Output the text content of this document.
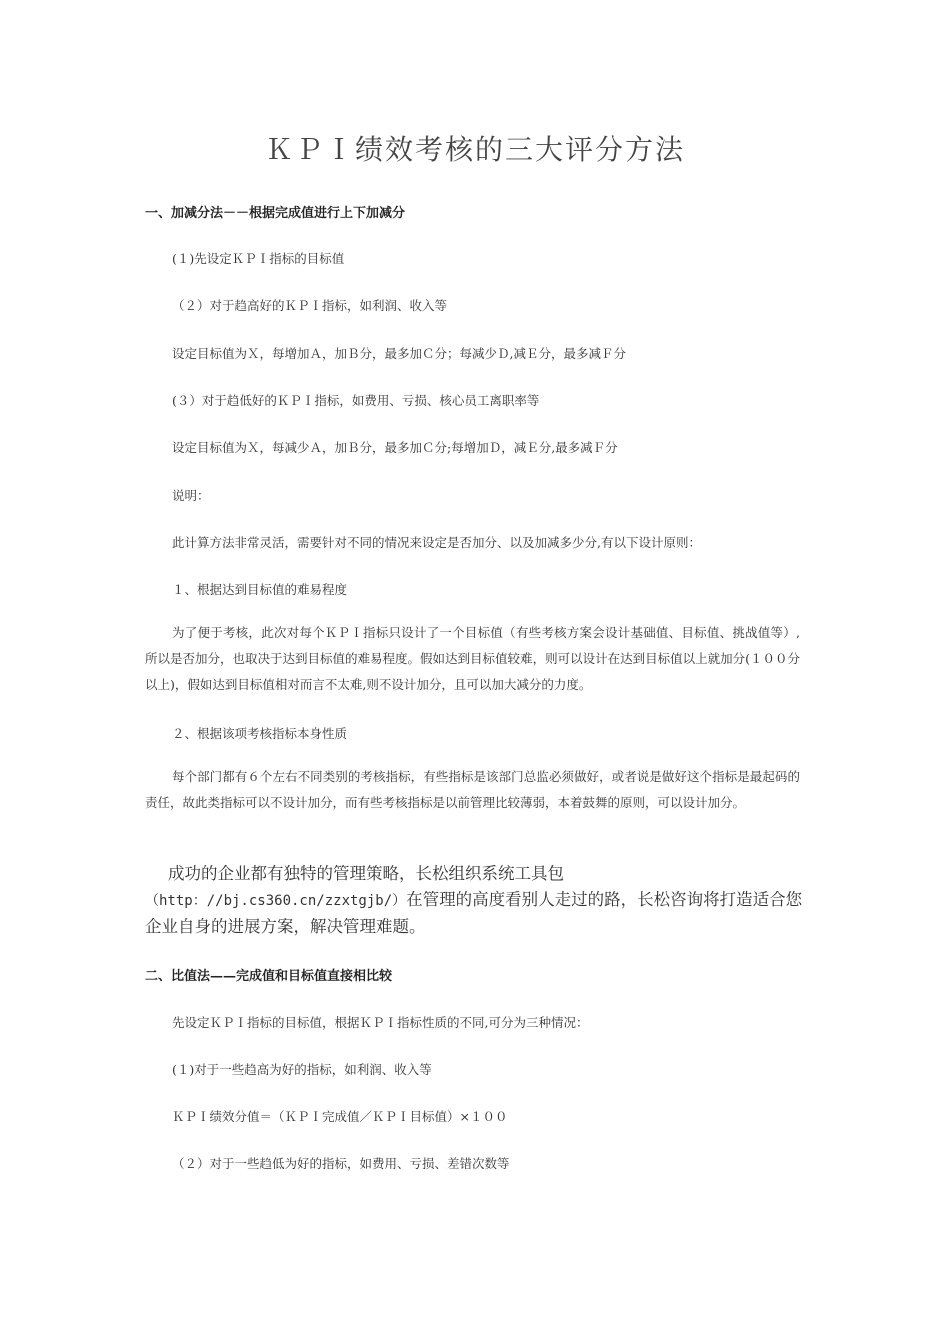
ＫＰＩ绩效考核的三大评分方法

一、加减分法－－根据完成值进行上下加减分

(１)先设定ＫＰＩ指标的目标值

（２）对于趋高好的ＫＰＩ指标，如利润、收入等

设定目标值为Ｘ，每增加Ａ，加Ｂ分，最多加Ｃ分；每减少Ｄ,减Ｅ分，最多减Ｆ分

(３）对于趋低好的ＫＰＩ指标，如费用、亏损、核心员工离职率等

设定目标值为Ｘ，每减少Ａ，加Ｂ分，最多加Ｃ分;每增加Ｄ，减Ｅ分,最多减Ｆ分

说明：

此计算方法非常灵活，需要针对不同的情况来设定是否加分、以及加减多少分,有以下设计原则：

１、根据达到目标值的难易程度

为了便于考核，此次对每个ＫＰＩ指标只设计了一个目标值（有些考核方案会设计基础值、目标值、挑战值等）,所以是否加分，也取决于达到目标值的难易程度。假如达到目标值较难，则可以设计在达到目标值以上就加分(１００分以上)，假如达到目标值相对而言不太难,则不设计加分，且可以加大减分的力度。

２、根据该项考核指标本身性质

每个部门都有６个左右不同类别的考核指标，有些指标是该部门总监必须做好，或者说是做好这个指标是最起码的责任，故此类指标可以不设计加分，而有些考核指标是以前管理比较薄弱，本着鼓舞的原则，可以设计加分。

成功的企业都有独特的管理策略，长松组织系统工具包（http：//bj.cs360.cn/zzxtgjb/）在管理的高度看别人走过的路，长松咨询将打造适合您企业自身的进展方案，解决管理难题。

二、比值法——完成值和目标值直接相比较

先设定ＫＰＩ指标的目标值，根据ＫＰＩ指标性质的不同,可分为三种情况：

(１)对于一些趋高为好的指标，如利润、收入等

ＫＰＩ绩效分值＝（ＫＰＩ完成值／ＫＰＩ目标值）×１００

（２）对于一些趋低为好的指标，如费用、亏损、差错次数等
